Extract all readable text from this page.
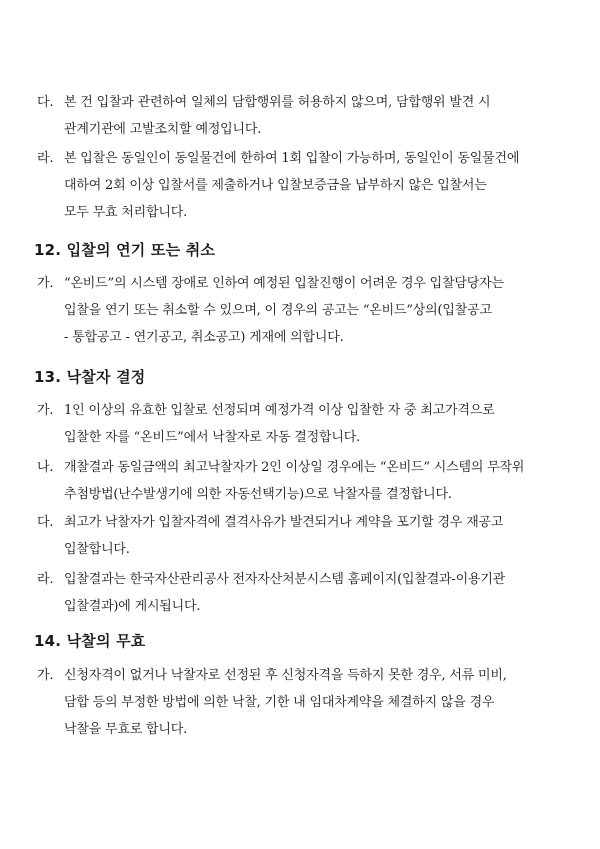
다. 본 건 입찰과 관련하여 일체의 담합행위를 허용하지 않으며, 담합행위 발견 시
관계기관에 고발조치할 예정입니다.
라. 본 입찰은 동일인이 동일물건에 한하여 1회 입찰이 가능하며, 동일인이 동일물건에
대하여 2회 이상 입찰서를 제출하거나 입찰보증금을 납부하지 않은 입찰서는
모두 무효 처리합니다.
12. 입찰의 연기 또는 취소
가. “온비드”의 시스템 장애로 인하여 예정된 입찰진행이 어려운 경우 입찰담당자는
입찰을 연기 또는 취소할 수 있으며, 이 경우의 공고는 “온비드”상의(입찰공고
- 통합공고 - 연기공고, 취소공고) 게재에 의합니다.
13. 낙찰자 결정
가. 1인 이상의 유효한 입찰로 선정되며 예정가격 이상 입찰한 자 중 최고가격으로
입찰한 자를 “온비드”에서 낙찰자로 자동 결정합니다.
나. 개찰결과 동일금액의 최고낙찰자가 2인 이상일 경우에는 “온비드” 시스템의 무작위
추첨방법(난수발생기에 의한 자동선택기능)으로 낙찰자를 결정합니다.
다. 최고가 낙찰자가 입찰자격에 결격사유가 발견되거나 계약을 포기할 경우 재공고
입찰합니다.
라. 입찰결과는 한국자산관리공사 전자자산처분시스템 홈페이지(입찰결과-이용기관
입찰결과)에 게시됩니다.
14. 낙찰의 무효
가. 신청자격이 없거나 낙찰자로 선정된 후 신청자격을 득하지 못한 경우, 서류 미비,
담합 등의 부정한 방법에 의한 낙찰, 기한 내 임대차계약을 체결하지 않을 경우
낙찰을 무효로 합니다.
